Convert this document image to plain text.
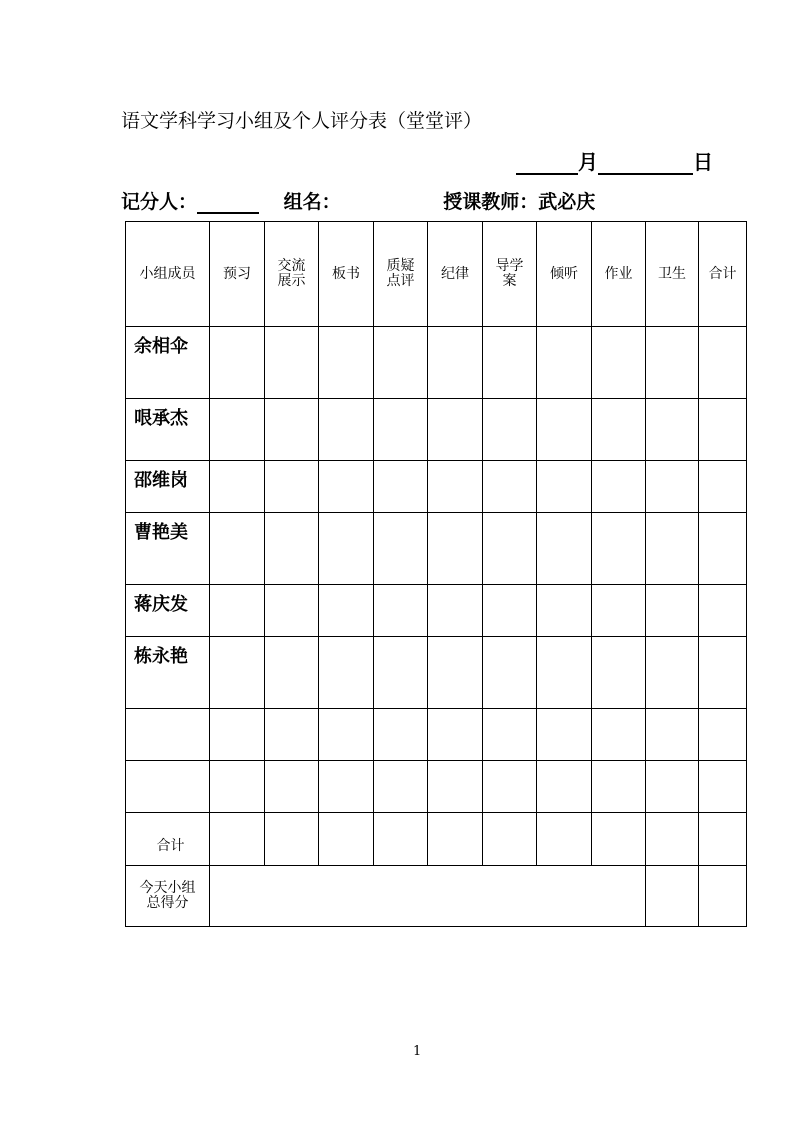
语文学科学习小组及个人评分表（堂堂评）
月	日
记分人：	组名：	授课教师：武必庆
小组成员	预习	交流展示	板书	质疑点评	纪律	导学案	倾听	作业	卫生	合计
余相伞										
哏承杰										
邵维岗										
曹艳美										
蒋庆发										
栋永艳										

合计										

今天小组总得分										

1
